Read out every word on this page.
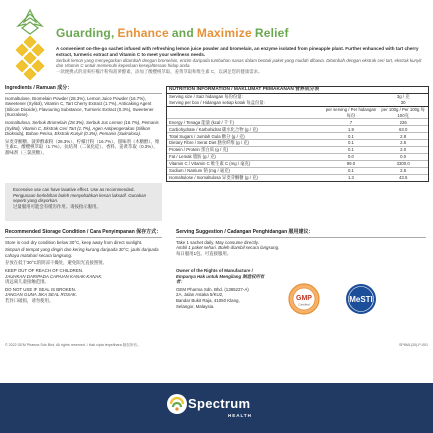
Guarding, Enhance and Maximize Relief
A convenient on-the-go sachet infused with refreshing lemon juice powder and bromelain, an enzyme isolated from pineapple plant. Further enhanced with tart cherry extract, turmeric extract and Vitamin C to meet your wellness needs.
Serbuk lemon yang menyegarkan ditambah dengan bromelain, enzim daripada tumbuhan nanas dalam bentuk paket yang mudah dibawa. Ditambah dengan ekstrak ceri tart, ekstrak kunyit dan Vitamin C untuk memenuhi keperluan kesejahteraan hidup anda.
一款便携式的清爽柠檬汁粉和菠萝酵素，添加了酸樱桃萃取、姜黄萃取和维生素 C，以满足您的健康需求。
Ingredients / Ramuan 成分：

Isomaltulose, Bromelain Powder (28.3%), Lemon Juice Powder (16.7%), Sweetener (Xylitol), Vitamin C, Tart Cherry Extract (1.7%), Anticaking Agent (Silicon Dioxide), Flavouring Substance, Turmeric Extract (0.3%), Sweetener (Sucralose).

Isomaltulosa, Serbuk Bromelain (28.3%), Serbuk Jus Lemon (16.7%), Pemanis (Xylitol), Vitamin C, Ekstrak Ceri Tart (1.7%), Agen Antipengerakan (Silikon Dioksida), Bahan Perisa, Ekstrak Kunyit (0.3%), Pemanis (Sukralosa).

异麦芽酮糖、菠萝酵素粉（28.3%）、柠檬汁粉（16.7%）、甜味剂（木糖醇）、维生素C、酸樱桃萃取（1.7%）、抗结剂（二氧化硅）、香料、姜黄萃取（0.3%）、甜味剂（三氯蔗糖）。

Excessive use can have laxative effect. Use as recommended.
Pengunaan berlebihan boleh menyebabkan kesan laksatif. Gunakan seperti yang disyorkan.
过量服用可能会有缓泻作用。请按指示服用。
NUTRITION INFORMATION / MAKLUMAT PEMAKANAN 营养成分表		
Serving size / Saiz hidangan 每份份量：		3g / 克
Serving per box / Hidangan setiap kotak 每盒份量：		30
	per serving / Per hidangan 每份	per 100g / Per 100g 每100克
Energy / Tenaga 能量 (kcal / 千卡)	7	226
Carbohydrate / Karbohidrat 碳水化合物 (g / 克)	1.9	63.0
Total Sugars / Jumlah Gula 糖分 (g / 克)	0.1	2.8
Dietary Fibre / Serat Diet 膳食纤维 (g / 克)	0.1	2.5
Protein / Protein 蛋白质 (g / 克)	0.1	2.0
Fat / Lemak 脂肪 (g / 克)	0.0	0.0
Vitamin C / Vitamin C 维生素 C (mg / 毫克)	99.0	3300.0
Sodium / Natrium 钠 (mg / 毫克)	0.1	2.5
Isomaltulose / Isomaltulosa 异麦芽酮糖 (g / 克)	1.3	43.5
Recommended Storage Condition / Cara Penyimpanan 保存方式：

Store in cool dry condition below 30°C, keep away from direct sunlight.

Simpan di tempat yang dingin dan kering kurang daripada 30°C, jauhi daripada cahaya matahari secara langsung.

存放在低于30°C的阴凉干燥处，避免阳光直接照射。

KEEP OUT OF REACH OF CHILDREN.
JAUHKAN DARIPADA CAPAIAN KANAK-KANAK.

请远离儿童接触范围。

DO NOT USE IF SEAL IS BROKEN.
JANGAN GUNA JIKA SEAL ROSAK.
若封口破损，请勿使用。
Serving Suggestion / Cadangan Penghidangan 服用建议：
Take 1 sachet daily. May consume directly.
Ambil 1 paket sehari. Boleh diambil secara langsung.
每日服用1包。可直接服用。
Owner of the Rights of Manufacture /
Empunya Hak untuk Mengilang 制造权所有者：
GEM Pharma Sdn. Bhd. (1385227-A)
2A, Jalan Astaka 5/KU2,
Bandar Bukit Raja, 41050 Klang,
Selangor, Malaysia.
GMP
Certified
MeSTI
© 2022 GEM Pharma Sdn Bhd. All rights reserved. / Hak cipta terpelihara 版权所有。	SP8ML(30)-P-001
Spectrum
HEALTH
